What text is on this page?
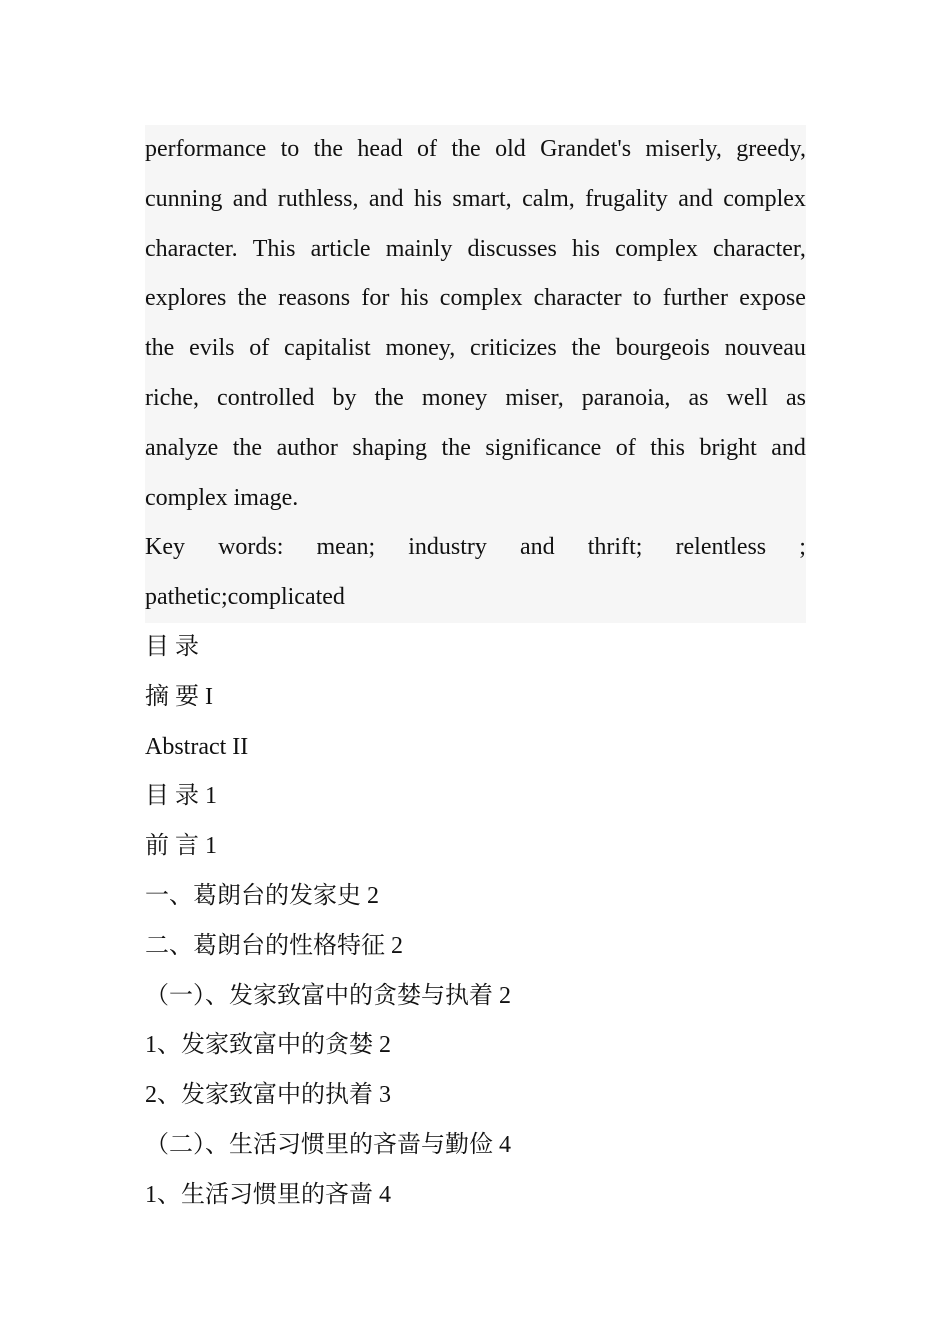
performance to the head of the old Grandet's miserly, greedy,
cunning and ruthless, and his smart, calm, frugality and complex
character. This article mainly discusses his complex character,
explores the reasons for his complex character to further expose
the evils of capitalist money, criticizes the bourgeois nouveau
riche, controlled by the money miser, paranoia, as well as
analyze the author shaping the significance of this bright and
complex image.
Key words: mean; industry and thrift; relentless ;
pathetic;complicated
目 录
摘 要 I
Abstract II
目 录 1
前 言 1
一、葛朗台的发家史 2
二、葛朗台的性格特征 2
（一）、发家致富中的贪婪与执着 2
1、发家致富中的贪婪 2
2、发家致富中的执着 3
（二）、生活习惯里的吝啬与勤俭 4
1、生活习惯里的吝啬 4
